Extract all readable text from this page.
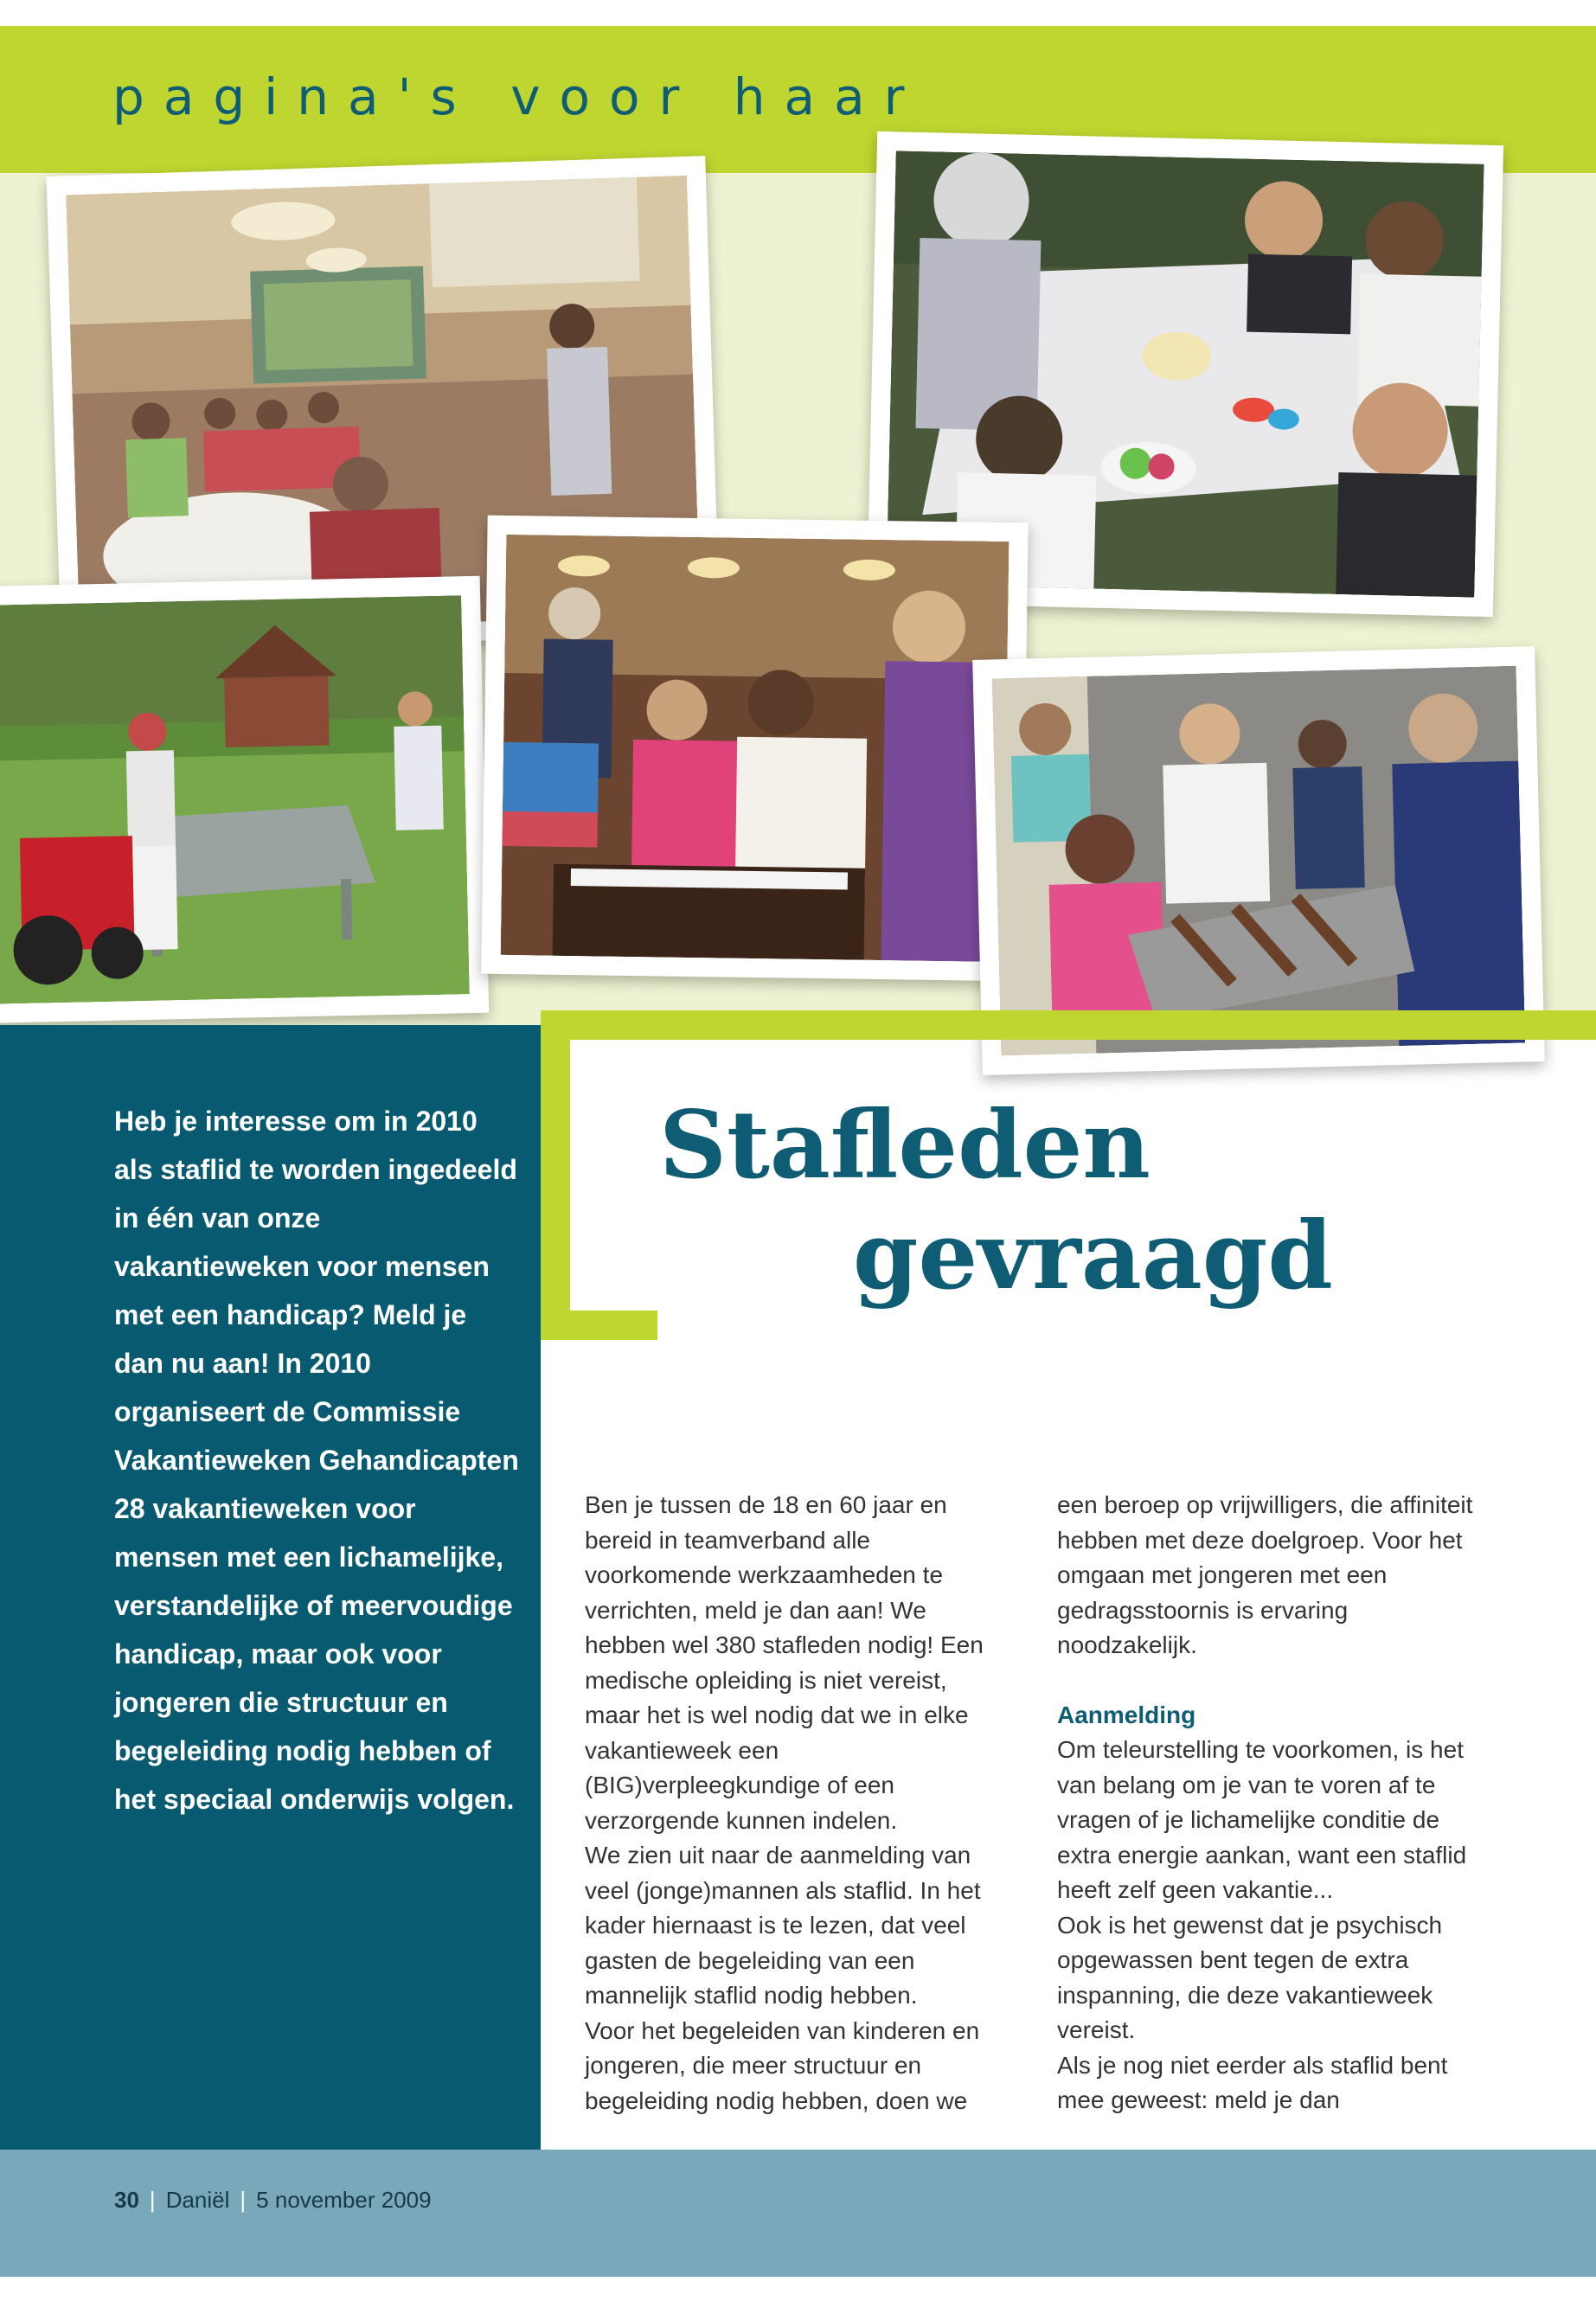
pagina's voor haar
Heb je interesse om in 2010 als staflid te worden ingedeeld in één van onze vakantieweken voor mensen met een handicap? Meld je dan nu aan! In 2010 organiseert de Commissie Vakantieweken Gehandicapten 28 vakantieweken voor mensen met een lichamelijke, verstandelijke of meervoudige handicap, maar ook voor jongeren die structuur en begeleiding nodig hebben of het speciaal onderwijs volgen.
Stafleden
gevraagd

Ben je tussen de 18 en 60 jaar en bereid in teamverband alle voorkomende werkzaamheden te verrichten, meld je dan aan! We hebben wel 380 stafleden nodig! Een medische opleiding is niet vereist, maar het is wel nodig dat we in elke vakantieweek een (BIG)verpleegkundige of een verzorgende kunnen indelen.

We zien uit naar de aanmelding van veel (jonge)mannen als staflid. In het kader hiernaast is te lezen, dat veel gasten de begeleiding van een mannelijk staflid nodig hebben.

Voor het begeleiden van kinderen en jongeren, die meer structuur en begeleiding nodig hebben, doen we

een beroep op vrijwilligers, die affiniteit hebben met deze doelgroep. Voor het omgaan met jongeren met een gedragsstoornis is ervaring noodzakelijk.

Aanmelding

Om teleurstelling te voorkomen, is het van belang om je van te voren af te vragen of je lichamelijke conditie de extra energie aankan, want een staflid heeft zelf geen vakantie...

Ook is het gewenst dat je psychisch opgewassen bent tegen de extra inspanning, die deze vakantieweek vereist.

Als je nog niet eerder als staflid bent mee geweest: meld je dan

30 | Daniël | 5 november 2009
